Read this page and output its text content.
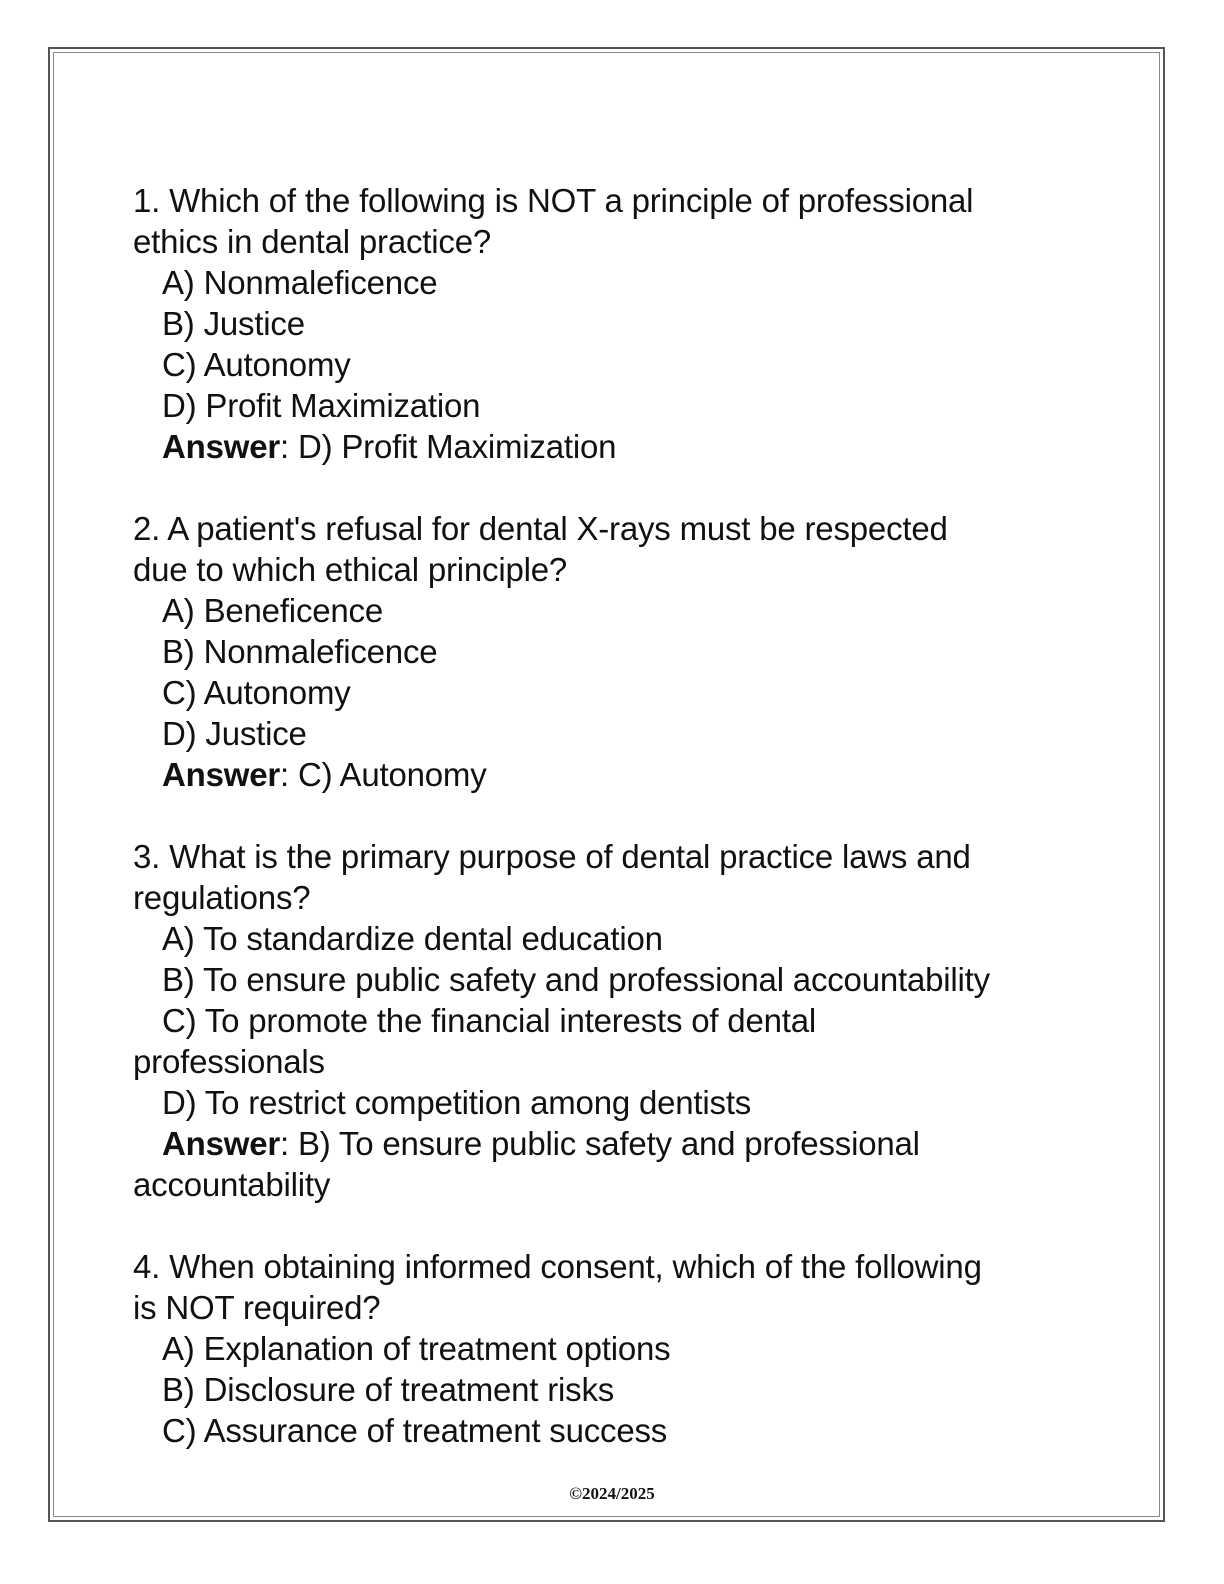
1. Which of the following is NOT a principle of professional
ethics in dental practice?
A) Nonmaleficence
B) Justice
C) Autonomy
D) Profit Maximization
Answer: D) Profit Maximization
2. A patient's refusal for dental X-rays must be respected
due to which ethical principle?
A) Beneficence
B) Nonmaleficence
C) Autonomy
D) Justice
Answer: C) Autonomy
3. What is the primary purpose of dental practice laws and
regulations?
A) To standardize dental education
B) To ensure public safety and professional accountability
C) To promote the financial interests of dental
professionals
D) To restrict competition among dentists
Answer: B) To ensure public safety and professional
accountability
4. When obtaining informed consent, which of the following
is NOT required?
A) Explanation of treatment options
B) Disclosure of treatment risks
C) Assurance of treatment success
©2024/2025
